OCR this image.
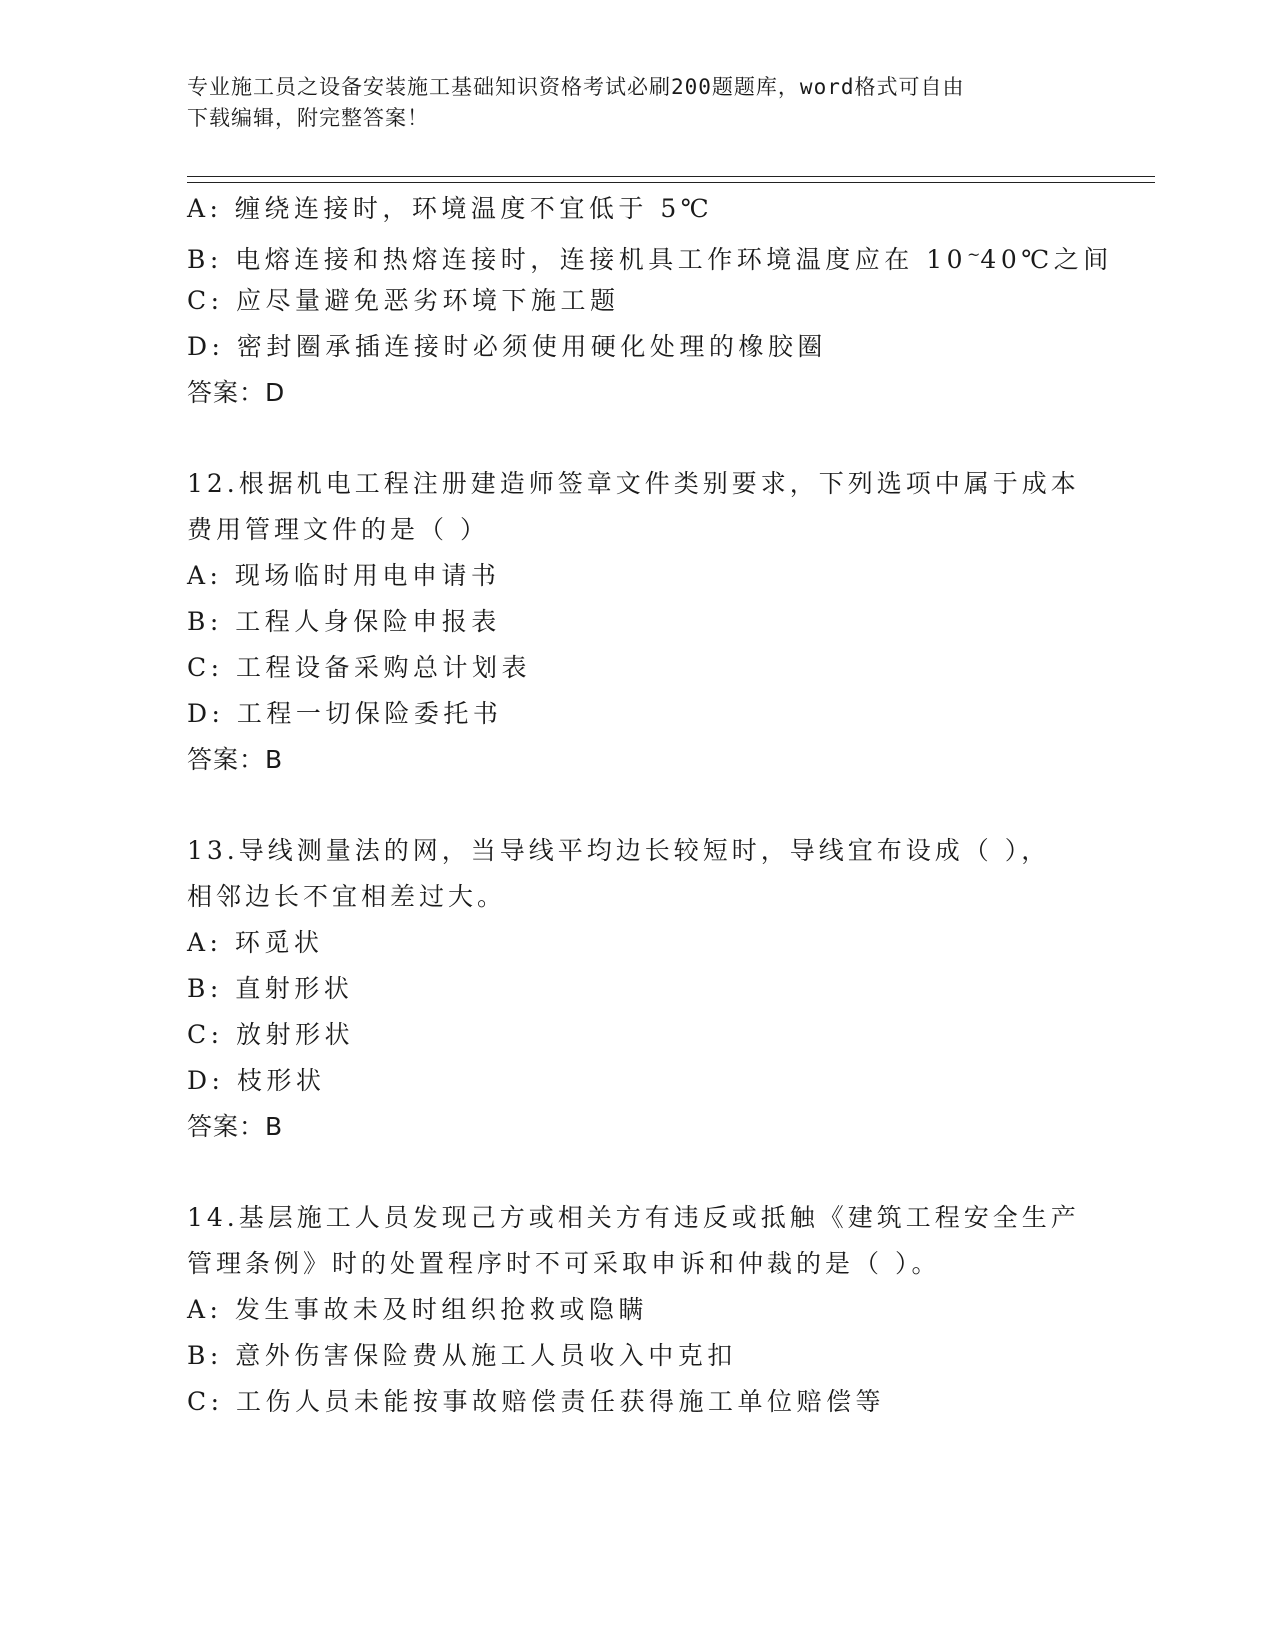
专业施工员之设备安装施工基础知识资格考试必刷200题题库，word格式可自由
下载编辑，附完整答案！
A: 缠绕连接时，环境温度不宜低于 5℃
B: 电熔连接和热熔连接时，连接机具工作环境温度应在 10~40℃之间
C: 应尽量避免恶劣环境下施工题
D: 密封圈承插连接时必须使用硬化处理的橡胶圈
答案：D
12.根据机电工程注册建造师签章文件类别要求，下列选项中属于成本
费用管理文件的是（ ）
A: 现场临时用电申请书
B: 工程人身保险申报表
C: 工程设备采购总计划表
D: 工程一切保险委托书
答案：B
13.导线测量法的网，当导线平均边长较短时，导线宜布设成（ ），
相邻边长不宜相差过大。
A: 环觅状
B: 直射形状
C: 放射形状
D: 枝形状
答案：B
14.基层施工人员发现己方或相关方有违反或抵触《建筑工程安全生产
管理条例》时的处置程序时不可采取申诉和仲裁的是（ ）。
A: 发生事故未及时组织抢救或隐瞒
B: 意外伤害保险费从施工人员收入中克扣
C: 工伤人员未能按事故赔偿责任获得施工单位赔偿等
